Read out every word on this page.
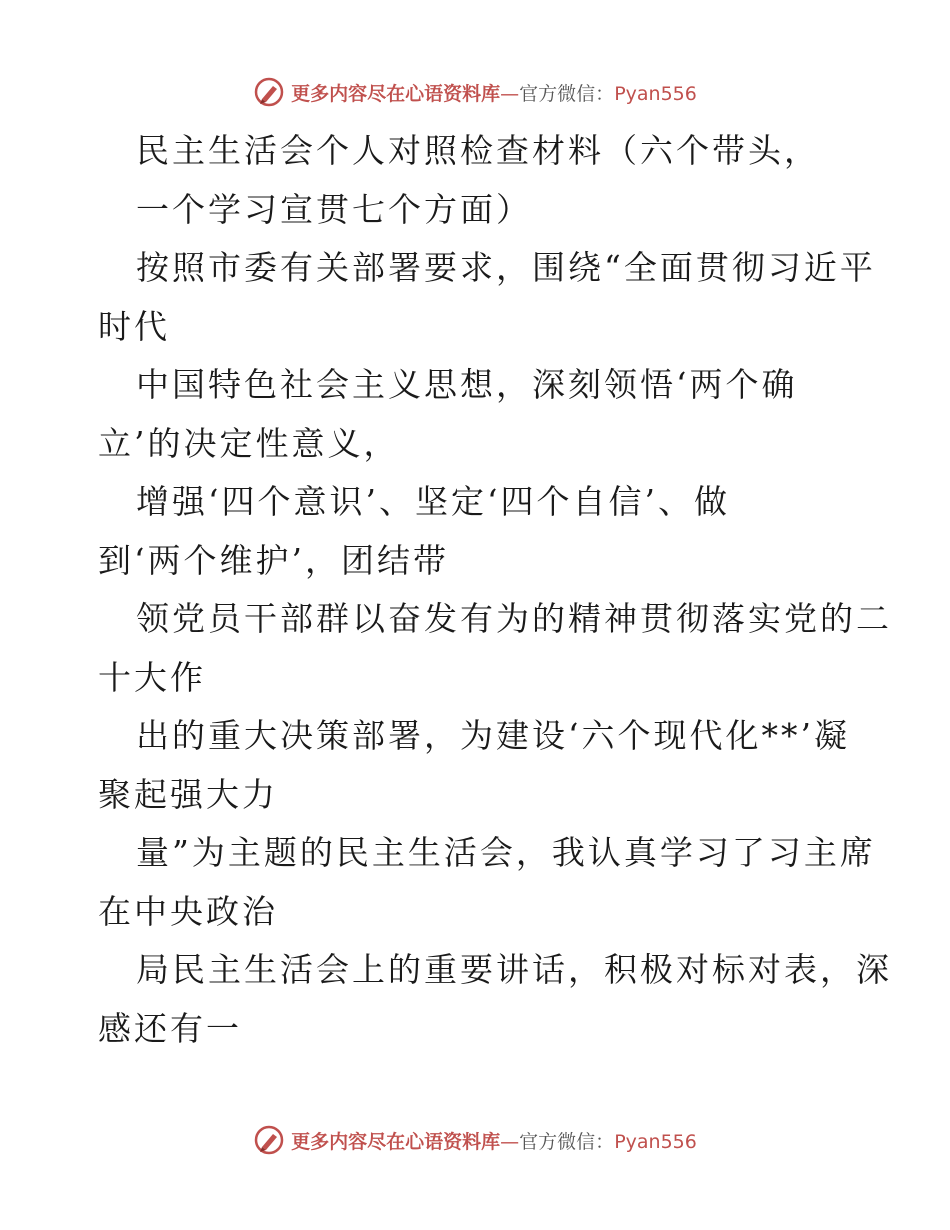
更多内容尽在心语资料库—官方微信：Pyan556
民主生活会个人对照检查材料（六个带头，
一个学习宣贯七个方面）
按照市委有关部署要求，围绕“全面贯彻习近平
时代
中国特色社会主义思想，深刻领悟‘两个确
立’的决定性意义，
增强‘四个意识’、坚定‘四个自信’、做
到‘两个维护’，团结带
领党员干部群以奋发有为的精神贯彻落实党的二
十大作
出的重大决策部署，为建设‘六个现代化**’凝
聚起强大力
量”为主题的民主生活会，我认真学习了习主席
在中央政治
局民主生活会上的重要讲话，积极对标对表，深
感还有一
更多内容尽在心语资料库—官方微信：Pyan556
